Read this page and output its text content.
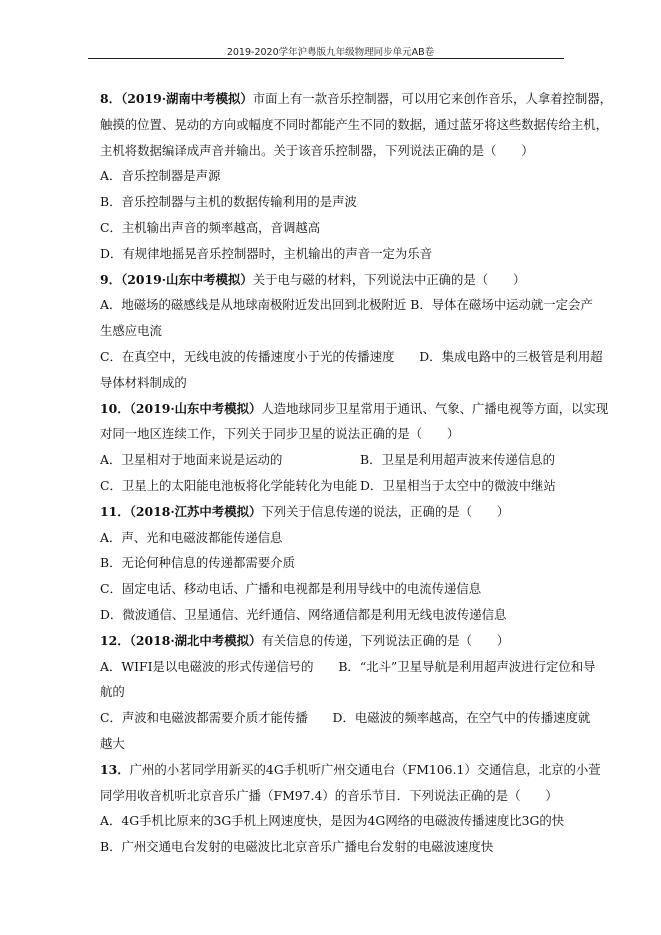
2019-2020学年沪粤版九年级物理同步单元AB卷
8．（2019·湖南中考模拟）市面上有一款音乐控制器，可以用它来创作音乐，人拿着控制器，
触摸的位置、晃动的方向或幅度不同时都能产生不同的数据，通过蓝牙将这些数据传给主机，
主机将数据编译成声音并输出。关于该音乐控制器，下列说法正确的是（　　）
A．音乐控制器是声源
B．音乐控制器与主机的数据传输利用的是声波
C．主机输出声音的频率越高，音调越高
D．有规律地摇晃音乐控制器时，主机输出的声音一定为乐音
9．（2019·山东中考模拟）关于电与磁的材料，下列说法中正确的是（　　）
A．地磁场的磁感线是从地球南极附近发出回到北极附近 B．导体在磁场中运动就一定会产
生感应电流
C．在真空中，无线电波的传播速度小于光的传播速度　　D．集成电路中的三极管是利用超
导体材料制成的
10．（2019·山东中考模拟）人造地球同步卫星常用于通讯、气象、广播电视等方面，以实现
对同一地区连续工作，下列关于同步卫星的说法正确的是（　　）
A．卫星相对于地面来说是运动的	B．卫星是利用超声波来传递信息的
C．卫星上的太阳能电池板将化学能转化为电能 D．卫星相当于太空中的微波中继站
11．（2018·江苏中考模拟）下列关于信息传递的说法，正确的是（　　）
A．声、光和电磁波都能传递信息
B．无论何种信息的传递都需要介质
C．固定电话、移动电话、广播和电视都是利用导线中的电流传递信息
D．微波通信、卫星通信、光纤通信、网络通信都是利用无线电波传递信息
12．（2018·湖北中考模拟）有关信息的传递，下列说法正确的是（　　）
A．WIFI是以电磁波的形式传递信号的　　B．“北斗”卫星导航是利用超声波进行定位和导
航的
C．声波和电磁波都需要介质才能传播　　D．电磁波的频率越高，在空气中的传播速度就
越大
13．广州的小茗同学用新买的4G手机听广州交通电台（FM106.1）交通信息，北京的小萱
同学用收音机听北京音乐广播（FM97.4）的音乐节目．下列说法正确的是（　　）
A．4G手机比原来的3G手机上网速度快，是因为4G网络的电磁波传播速度比3G的快
B．广州交通电台发射的电磁波比北京音乐广播电台发射的电磁波速度快
